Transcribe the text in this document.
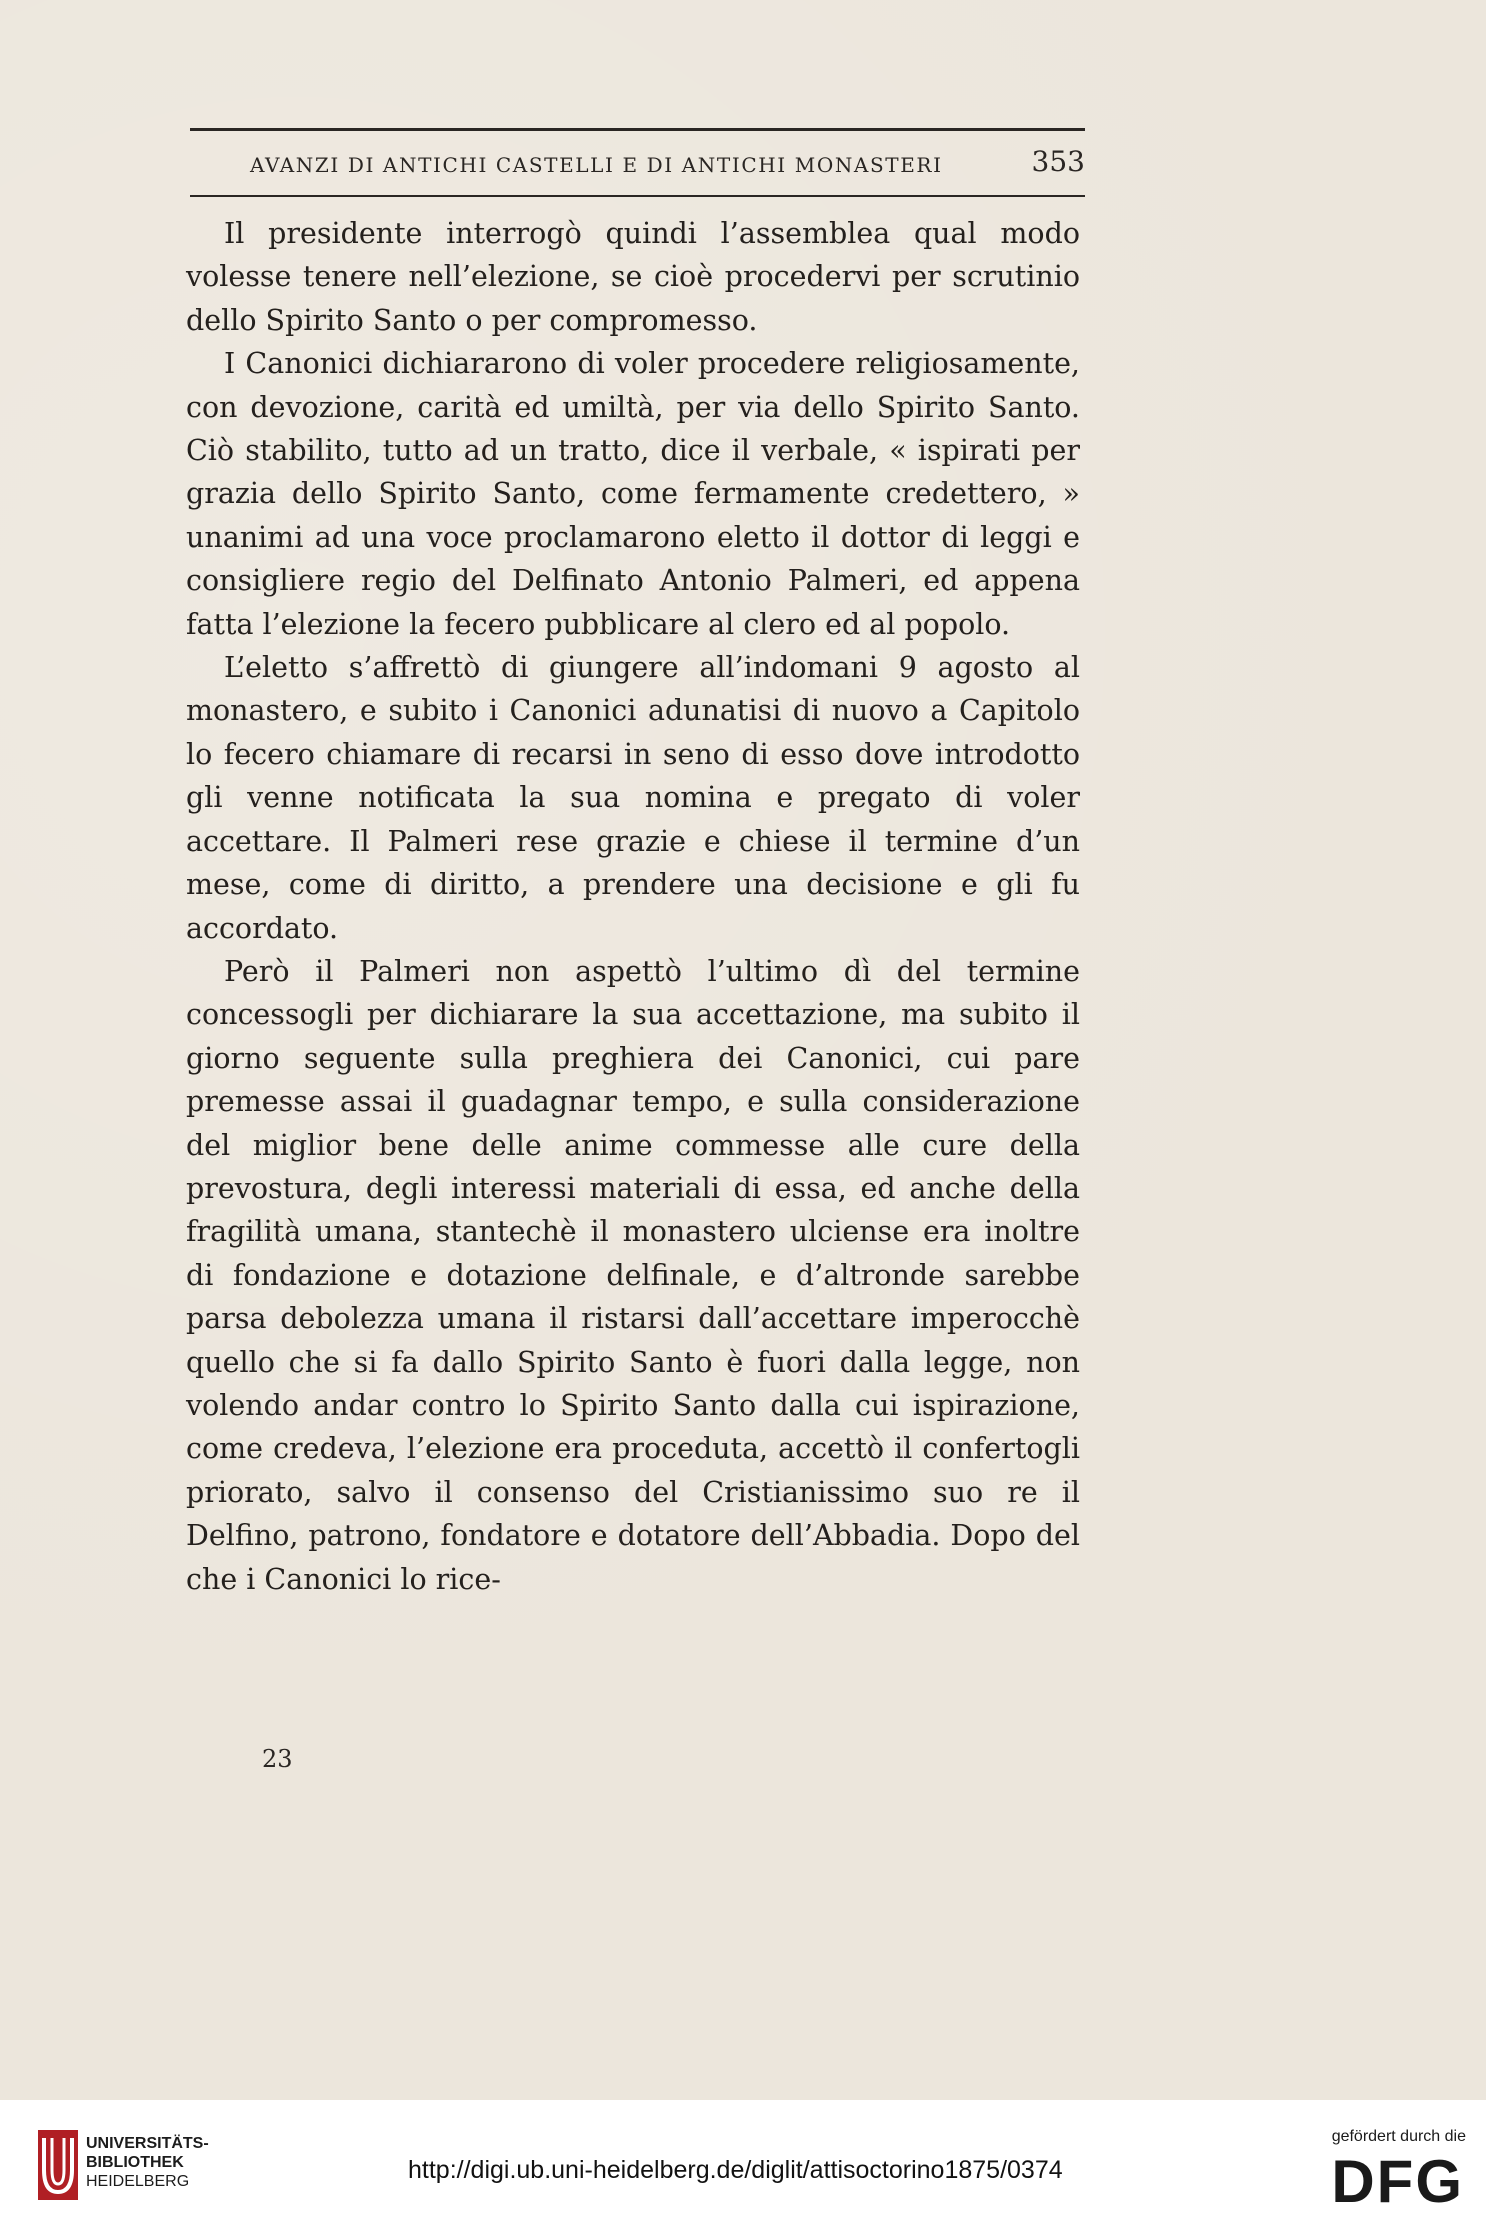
AVANZI DI ANTICHI CASTELLI E DI ANTICHI MONASTERI	353

Il presidente interrogò quindi l’assemblea qual modo volesse tenere nell’elezione, se cioè procedervi per scrutinio dello Spirito Santo o per compromesso.

I Canonici dichiararono di voler procedere religiosamente, con devozione, carità ed umiltà, per via dello Spirito Santo. Ciò stabilito, tutto ad un tratto, dice il verbale, « ispirati per grazia dello Spirito Santo, come fermamente credettero, » unanimi ad una voce proclamarono eletto il dottor di leggi e consigliere regio del Delfinato Antonio Palmeri, ed appena fatta l’elezione la fecero pubblicare al clero ed al popolo.

L’eletto s’affrettò di giungere all’indomani 9 agosto al monastero, e subito i Canonici adunatisi di nuovo a Capitolo lo fecero chiamare di recarsi in seno di esso dove introdotto gli venne notificata la sua nomina e pregato di voler accettare. Il Palmeri rese grazie e chiese il termine d’un mese, come di diritto, a prendere una decisione e gli fu accordato.

Però il Palmeri non aspettò l’ultimo dì del termine concessogli per dichiarare la sua accettazione, ma subito il giorno seguente sulla preghiera dei Canonici, cui pare premesse assai il guadagnar tempo, e sulla considerazione del miglior bene delle anime commesse alle cure della prevostura, degli interessi materiali di essa, ed anche della fragilità umana, stantechè il monastero ulciense era inoltre di fondazione e dotazione delfinale, e d’altronde sarebbe parsa debolezza umana il ristarsi dall’accettare imperocchè quello che si fa dallo Spirito Santo è fuori dalla legge, non volendo andar contro lo Spirito Santo dalla cui ispirazione, come credeva, l’elezione era proceduta, accettò il confertogli priorato, salvo il consenso del Cristianissimo suo re il Delfino, patrono, fondatore e dotatore dell’Abbadia. Dopo del che i Canonici lo rice-

23
UNIVERSITÄTS-
BIBLIOTHEK
HEIDELBERG	http://digi.ub.uni-heidelberg.de/diglit/attisoctorino1875/0374
gefördert durch die
DFG
